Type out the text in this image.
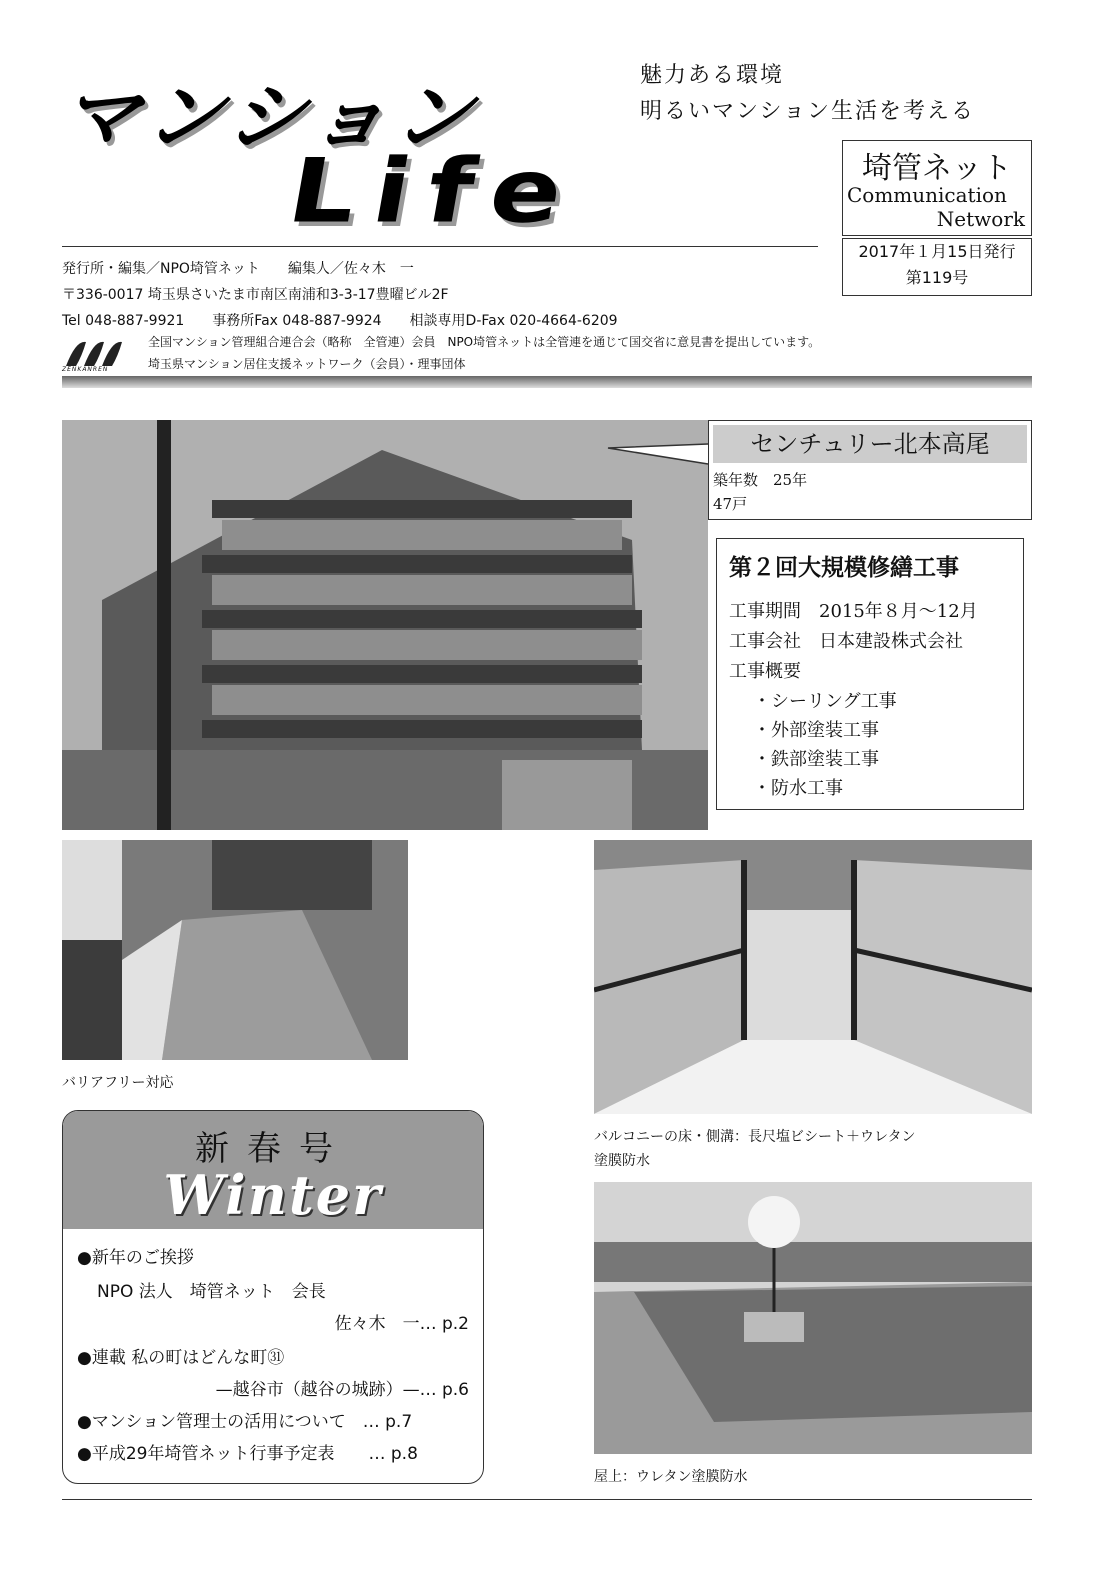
マンション
Life
魅力ある環境
明るいマンション生活を考える
埼管ネット
Communication
Network
2017年１月15日発行
第119号
発行所・編集／NPO埼管ネット　　編集人／佐々木　一
〒336-0017 埼玉県さいたま市南区南浦和3-3-17豊曜ビル2F
Tel 048-887-9921　　事務所Fax 048-887-9924　　相談専用D-Fax 020-4664-6209
ZENKANREN
全国マンション管理組合連合会（略称　全管連）会員　NPO埼管ネットは全管連を通じて国交省に意見書を提出しています。
埼玉県マンション居住支援ネットワーク（会員）・理事団体
センチュリー北本高尾
築年数　25年
47戸
第２回大規模修繕工事
工事期間　2015年８月～12月
工事会社　日本建設株式会社
工事概要
・シーリング工事
・外部塗装工事
・鉄部塗装工事
・防水工事
バリアフリー対応
バルコニーの床・側溝：長尺塩ビシート＋ウレタン
塗膜防水
屋上：ウレタン塗膜防水
新春号
Winter
●新年のご挨拶
NPO 法人　埼管ネット　会長
佐々木　一… p.2
●連載 私の町はどんな町㉛
—越谷市（越谷の城跡）—… p.6
●マンション管理士の活用について　… p.7
●平成29年埼管ネット行事予定表　　… p.8
